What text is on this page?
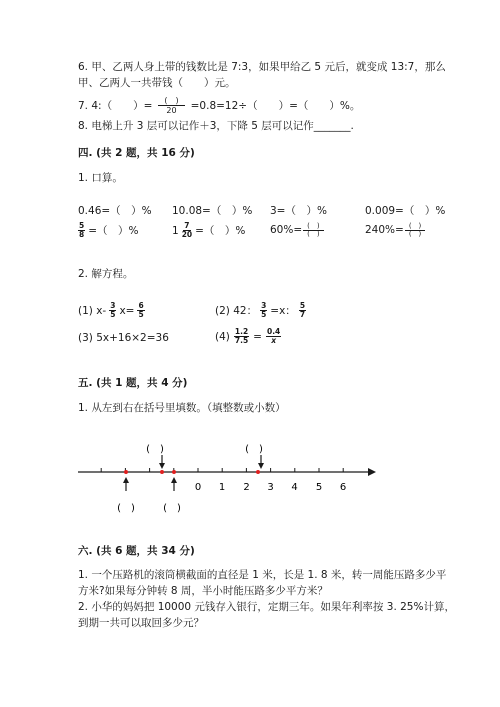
6. 甲、乙两人身上带的钱数比是 7:3，如果甲给乙 5 元后，就变成 13:7，那么
甲、乙两人一共带钱（　　）元。
7. 4:（　　）= $\frac{( )}{20} =0.8=12\div$（　　）=（　　）%。
8. 电梯上升 3 层可以记作＋3，下降 5 层可以记作_______.
四. (共 2 题，共 16 分)
1. 口算。
0.46=（　）% 10.08=（　）% 3=（　）%	0.009=（　）%
$\frac{5}{8}$ =（　）%	$1 \frac{7}{20}$ =（　）% $60\%= \frac{( )}{( )}$	$240\%= \frac{( )}{( )}$
2. 解方程。
(1) $x- \frac{3}{5} x= \frac{6}{5}$	(2) 42： $\frac{3}{5} =x$： $\frac{5}{7}$
(3) 5x+16×2=36	$(4) \frac{1.2}{7.5} = \frac{0.4}{x}$
五. (共 1 题，共 4 分)
1. 从左到右在括号里填数。（填整数或小数）
0 1 2 3 4 5 6
(　)	(　)
(　)	(　)
六. (共 6 题，共 34 分)
1. 一个压路机的滚筒横截面的直径是 1 米，长是 1. 8 米，转一周能压路多少平
方米?如果每分钟转 8 周，半小时能压路多少平方米？
2. 小华的妈妈把 10000 元钱存入银行，定期三年。如果年利率按 3. 25%计算，
到期一共可以取回多少元？
